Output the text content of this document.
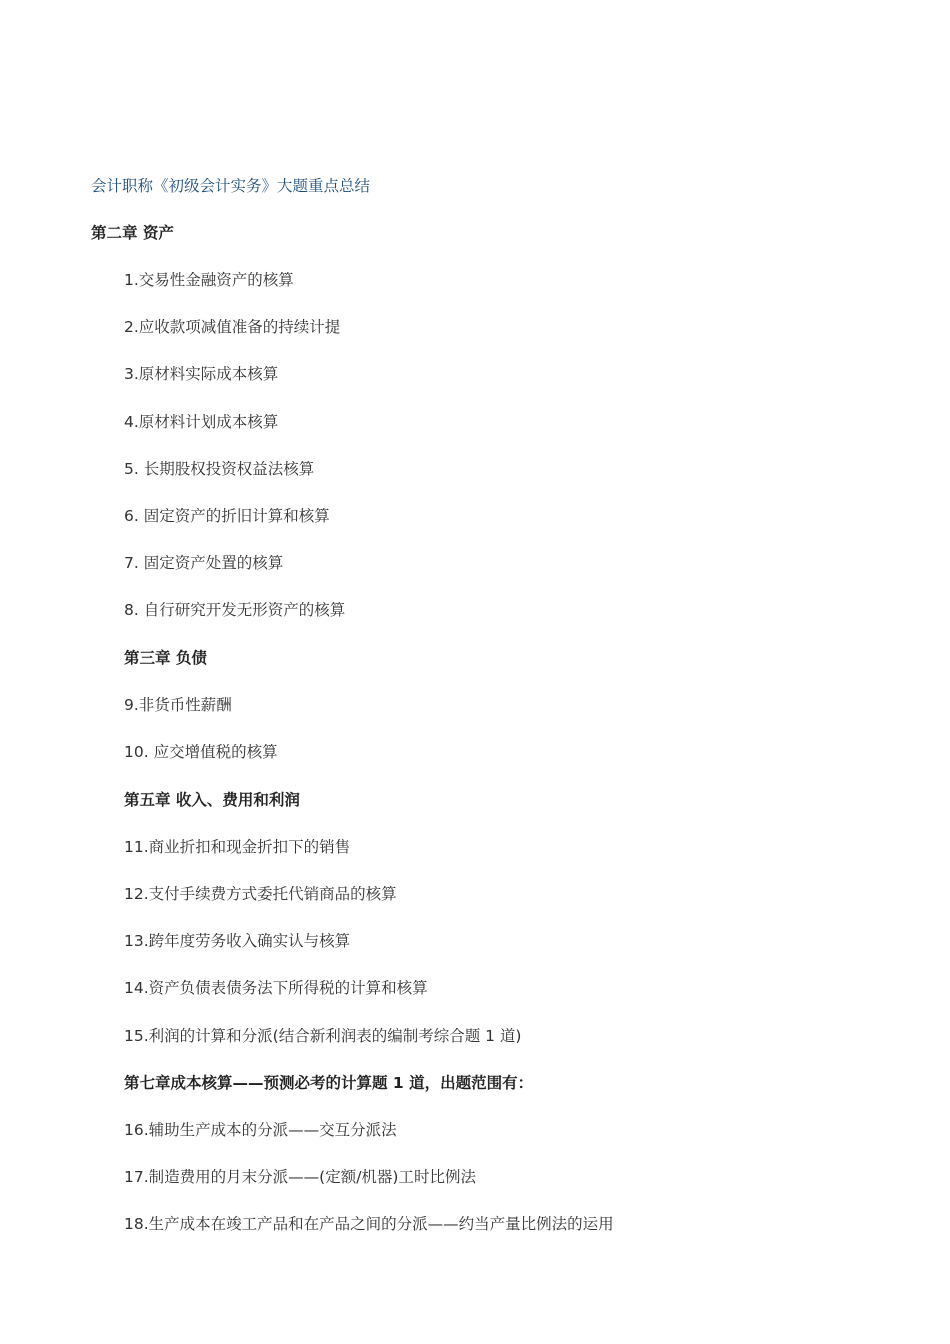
会计职称《初级会计实务》大题重点总结
第二章 资产
1.交易性金融资产的核算
2.应收款项减值准备的持续计提
3.原材料实际成本核算
4.原材料计划成本核算
5. 长期股权投资权益法核算
6. 固定资产的折旧计算和核算
7. 固定资产处置的核算
8. 自行研究开发无形资产的核算
第三章 负债
9.非货币性薪酬
10. 应交增值税的核算
第五章 收入、费用和利润
11.商业折扣和现金折扣下的销售
12.支付手续费方式委托代销商品的核算
13.跨年度劳务收入确实认与核算
14.资产负债表债务法下所得税的计算和核算
15.利润的计算和分派(结合新利润表的编制考综合题 1 道)
第七章成本核算——预测必考的计算题 1 道，出题范围有：
16.辅助生产成本的分派——交互分派法
17.制造费用的月末分派——(定额/机器)工时比例法
18.生产成本在竣工产品和在产品之间的分派——约当产量比例法的运用
